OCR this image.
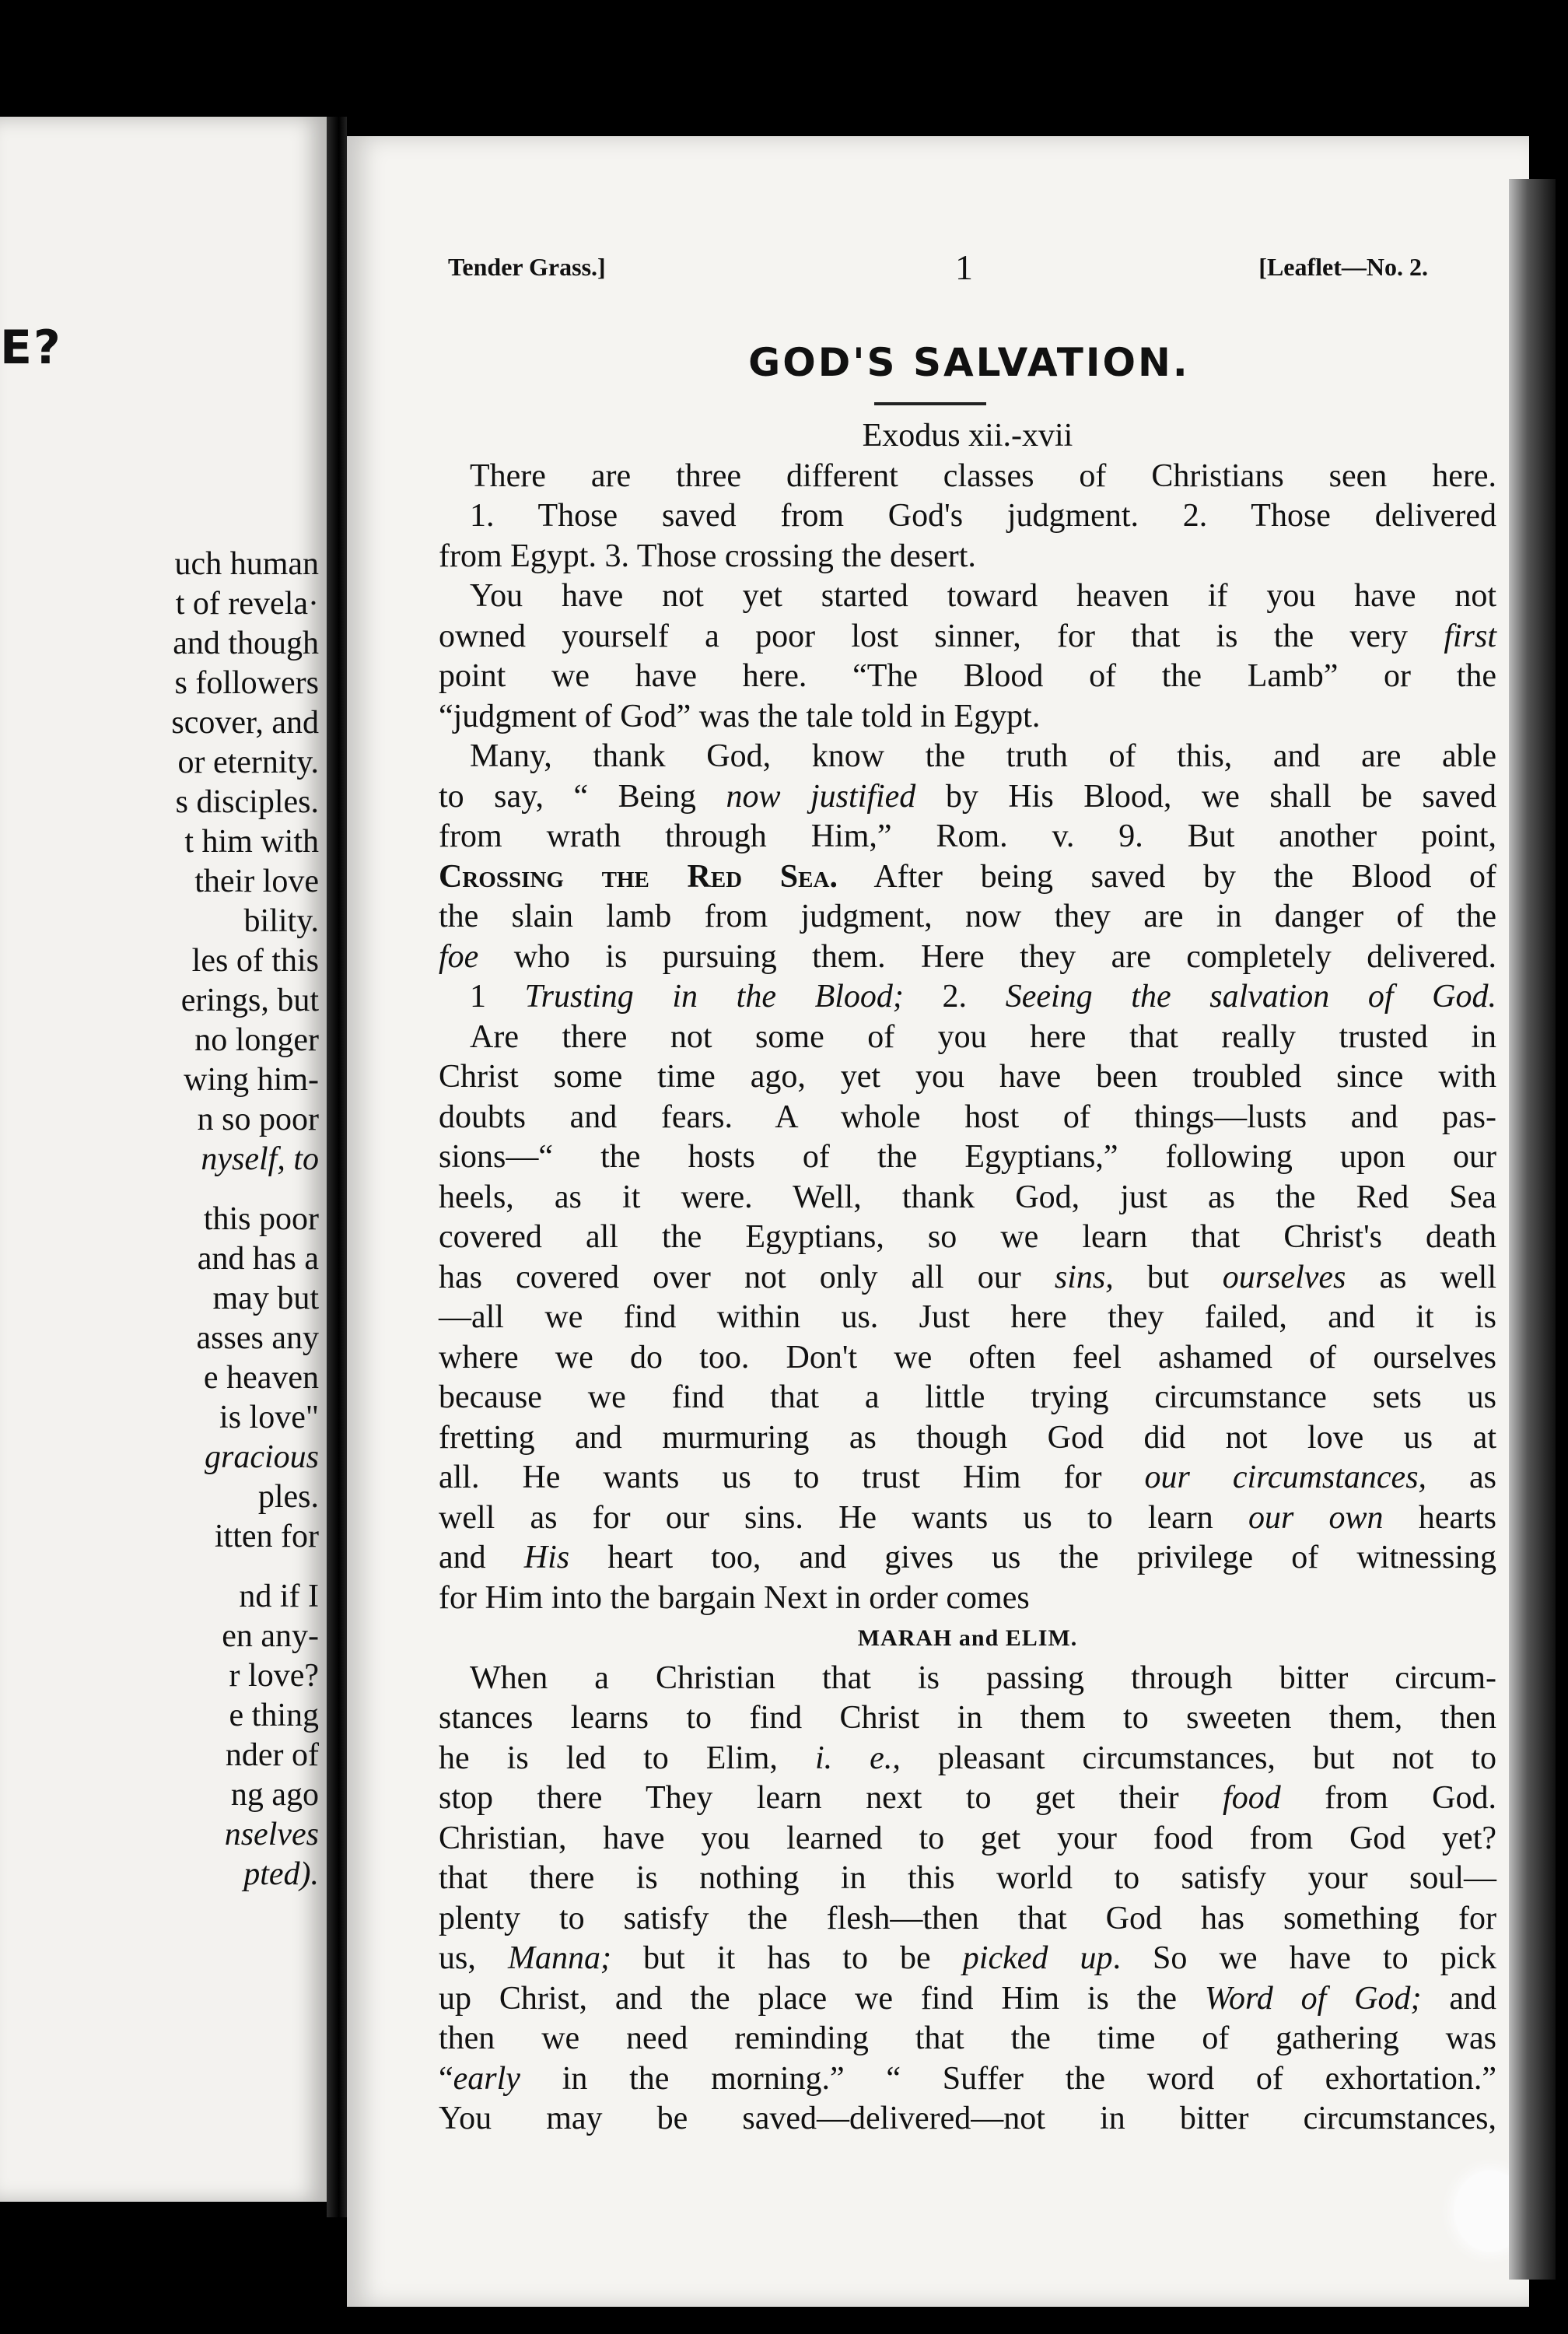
E?
uch human
t of revela·
and though
s followers
scover, and
or eternity.
s disciples.
t him with
their love
bility.
les of this
erings, but
no longer
wing him-
n so poor
nyself, to
this poor
and has a
may but
asses any
e heaven
is love"
gracious
ples.
itten for
nd if I
en any-
r love?
e thing
nder of
ng ago
nselves
pted).
Tender Grass.]	1	[Leaflet—No. 2.
GOD'S SALVATION.
Exodus xii.-xvii
There are three different classes of Christians seen here.
1. Those saved from God's judgment. 2. Those delivered
from Egypt. 3. Those crossing the desert.
You have not yet started toward heaven if you have not
owned yourself a poor lost sinner, for that is the very first
point we have here. “The Blood of the Lamb” or the
“judgment of God” was the tale told in Egypt.
Many, thank God, know the truth of this, and are able
to say, “ Being now justified by His Blood, we shall be saved
from wrath through Him,” Rom. v. 9. But another point,
Crossing the Red Sea. After being saved by the Blood of
the slain lamb from judgment, now they are in danger of the
foe who is pursuing them. Here they are completely delivered.
1 Trusting in the Blood; 2. Seeing the salvation of God.
Are there not some of you here that really trusted in
Christ some time ago, yet you have been troubled since with
doubts and fears. A whole host of things—lusts and pas-
sions—“ the hosts of the Egyptians,” following upon our
heels, as it were. Well, thank God, just as the Red Sea
covered all the Egyptians, so we learn that Christ's death
has covered over not only all our sins, but ourselves as well
—all we find within us. Just here they failed, and it is
where we do too. Don't we often feel ashamed of ourselves
because we find that a little trying circumstance sets us
fretting and murmuring as though God did not love us at
all. He wants us to trust Him for our circumstances, as
well as for our sins. He wants us to learn our own hearts
and His heart too, and gives us the privilege of witnessing
for Him into the bargain Next in order comes
MARAH and ELIM.
When a Christian that is passing through bitter circum-
stances learns to find Christ in them to sweeten them, then
he is led to Elim, i. e., pleasant circumstances, but not to
stop there They learn next to get their food from God.
Christian, have you learned to get your food from God yet?
that there is nothing in this world to satisfy your soul—
plenty to satisfy the flesh—then that God has something for
us, Manna; but it has to be picked up. So we have to pick
up Christ, and the place we find Him is the Word of God; and
then we need reminding that the time of gathering was
“early in the morning.” “ Suffer the word of exhortation.”
You may be saved—delivered—not in bitter circumstances,
